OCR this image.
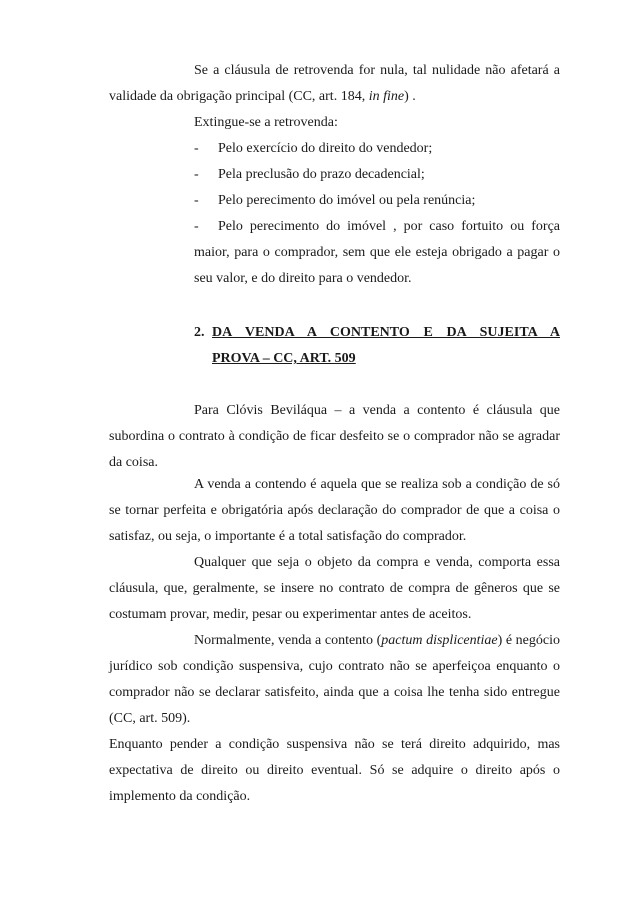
Se a cláusula de retrovenda for nula, tal nulidade não afetará a validade da obrigação principal (CC, art. 184, in fine) .
Extingue-se a retrovenda:
- Pelo exercício do direito do vendedor;
- Pela preclusão do prazo decadencial;
- Pelo perecimento do imóvel ou pela renúncia;
- Pelo perecimento do imóvel , por caso fortuito ou força maior, para o comprador, sem que ele esteja obrigado a pagar o seu valor, e do direito para o vendedor.
2. DA VENDA A CONTENTO E DA SUJEITA A
PROVA – CC, ART. 509
Para Clóvis Beviláqua – a venda a contento é cláusula que subordina o contrato à condição de ficar desfeito se o comprador não se agradar da coisa.
A venda a contendo é aquela que se realiza sob a condição de só se tornar perfeita e obrigatória após declaração do comprador de que a coisa o satisfaz, ou seja, o importante é a total satisfação do comprador.
Qualquer que seja o objeto da compra e venda, comporta essa cláusula, que, geralmente, se insere no contrato de compra de gêneros que se costumam provar, medir, pesar ou experimentar antes de aceitos.
Normalmente, venda a contento (pactum displicentiae) é negócio jurídico sob condição suspensiva, cujo contrato não se aperfeiçoa enquanto o comprador não se declarar satisfeito, ainda que a coisa lhe tenha sido entregue (CC, art. 509).
Enquanto pender a condição suspensiva não se terá direito adquirido, mas expectativa de direito ou direito eventual. Só se adquire o direito após o implemento da condição.
